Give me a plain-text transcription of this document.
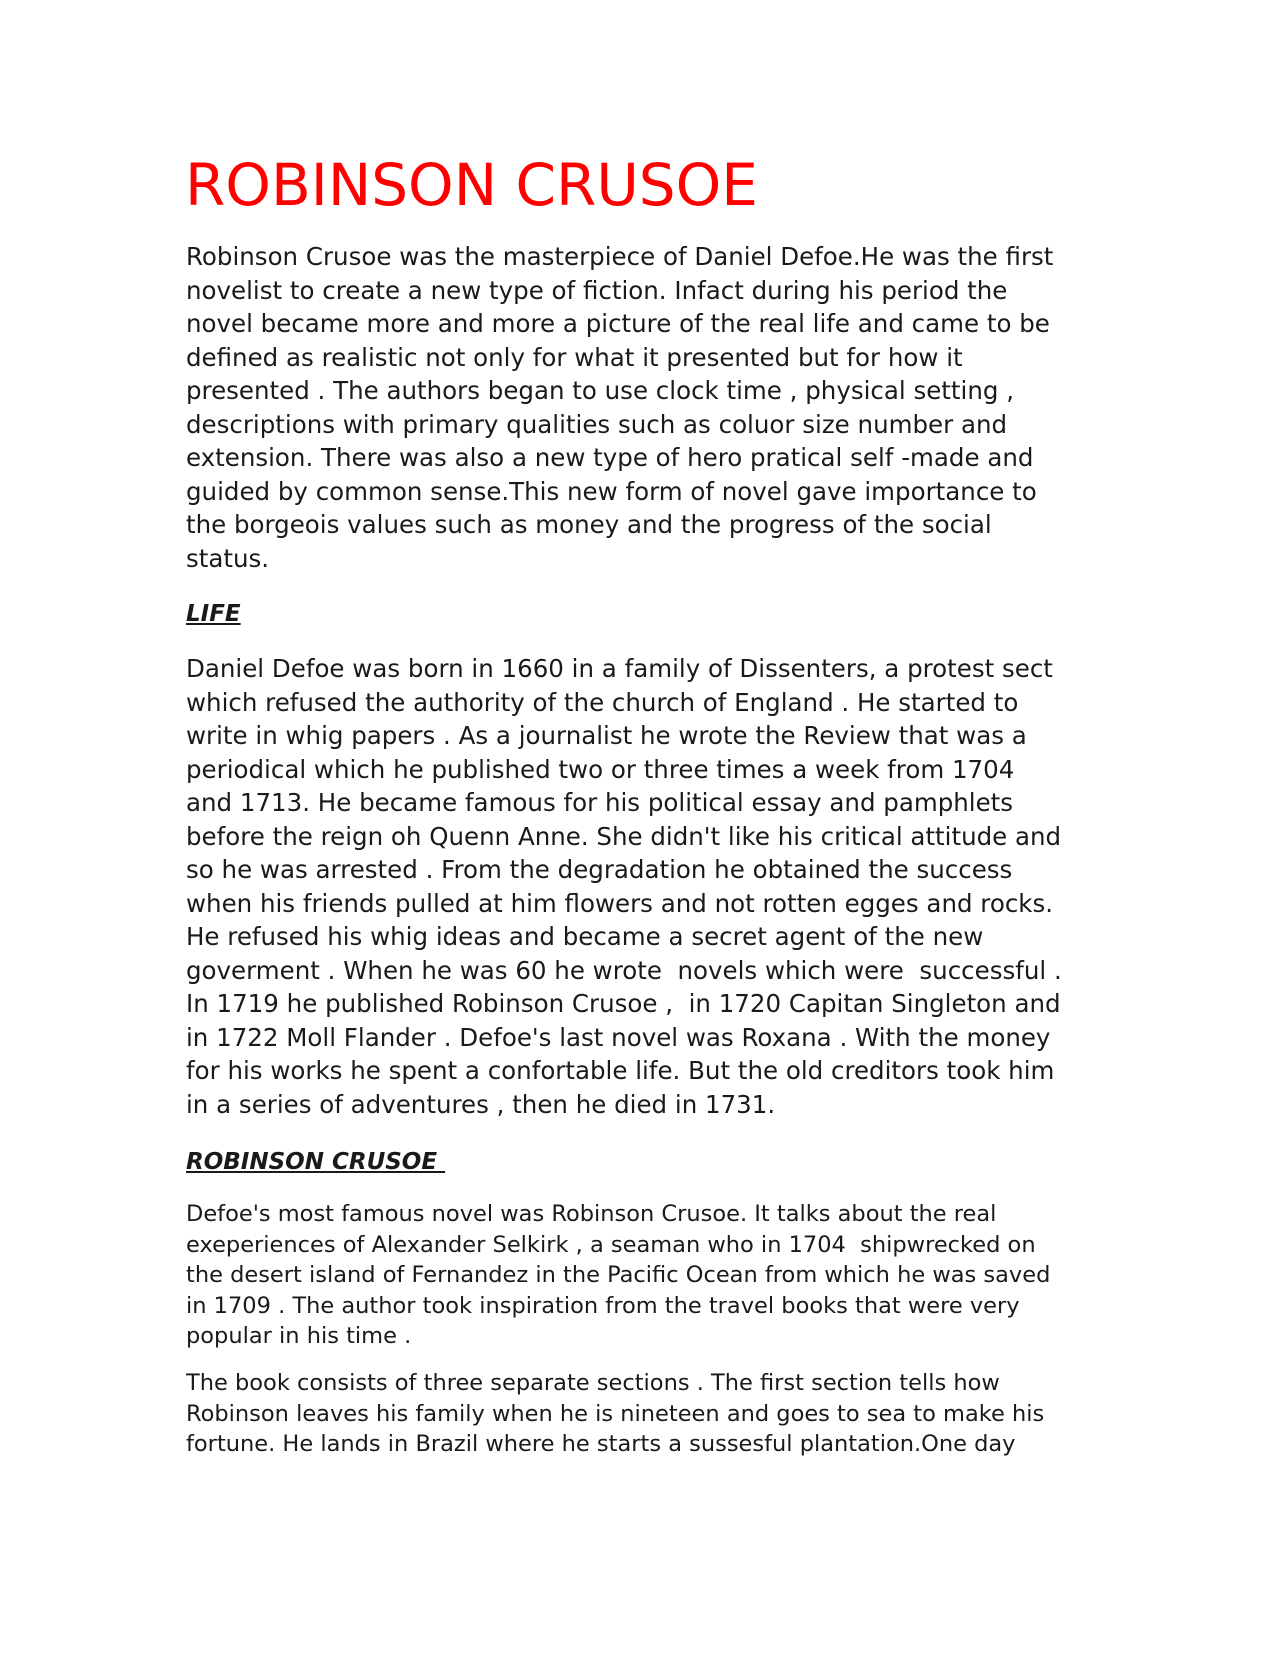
ROBINSON CRUSOE

Robinson Crusoe was the masterpiece of Daniel Defoe.He was the first
novelist to create a new type of fiction. Infact during his period the
novel became more and more a picture of the real life and came to be
defined as realistic not only for what it presented but for how it
presented . The authors began to use clock time , physical setting ,
descriptions with primary qualities such as coluor size number and
extension. There was also a new type of hero pratical self -made and
guided by common sense.This new form of novel gave importance to
the borgeois values such as money and the progress of the social
status.

LIFE

Daniel Defoe was born in 1660 in a family of Dissenters, a protest sect
which refused the authority of the church of England . He started to
write in whig papers . As a journalist he wrote the Review that was a
periodical which he published two or three times a week from 1704
and 1713. He became famous for his political essay and pamphlets
before the reign oh Quenn Anne. She didn't like his critical attitude and
so he was arrested . From the degradation he obtained the success
when his friends pulled at him flowers and not rotten egges and rocks.
He refused his whig ideas and became a secret agent of the new
goverment . When he was 60 he wrote  novels which were  successful .
In 1719 he published Robinson Crusoe ,  in 1720 Capitan Singleton and
in 1722 Moll Flander . Defoe's last novel was Roxana . With the money
for his works he spent a confortable life. But the old creditors took him
in a series of adventures , then he died in 1731.

ROBINSON CRUSOE

Defoe's most famous novel was Robinson Crusoe. It talks about the real
exeperiences of Alexander Selkirk , a seaman who in 1704  shipwrecked on
the desert island of Fernandez in the Pacific Ocean from which he was saved
in 1709 . The author took inspiration from the travel books that were very
popular in his time .

The book consists of three separate sections . The first section tells how
Robinson leaves his family when he is nineteen and goes to sea to make his
fortune. He lands in Brazil where he starts a sussesful plantation.One day
